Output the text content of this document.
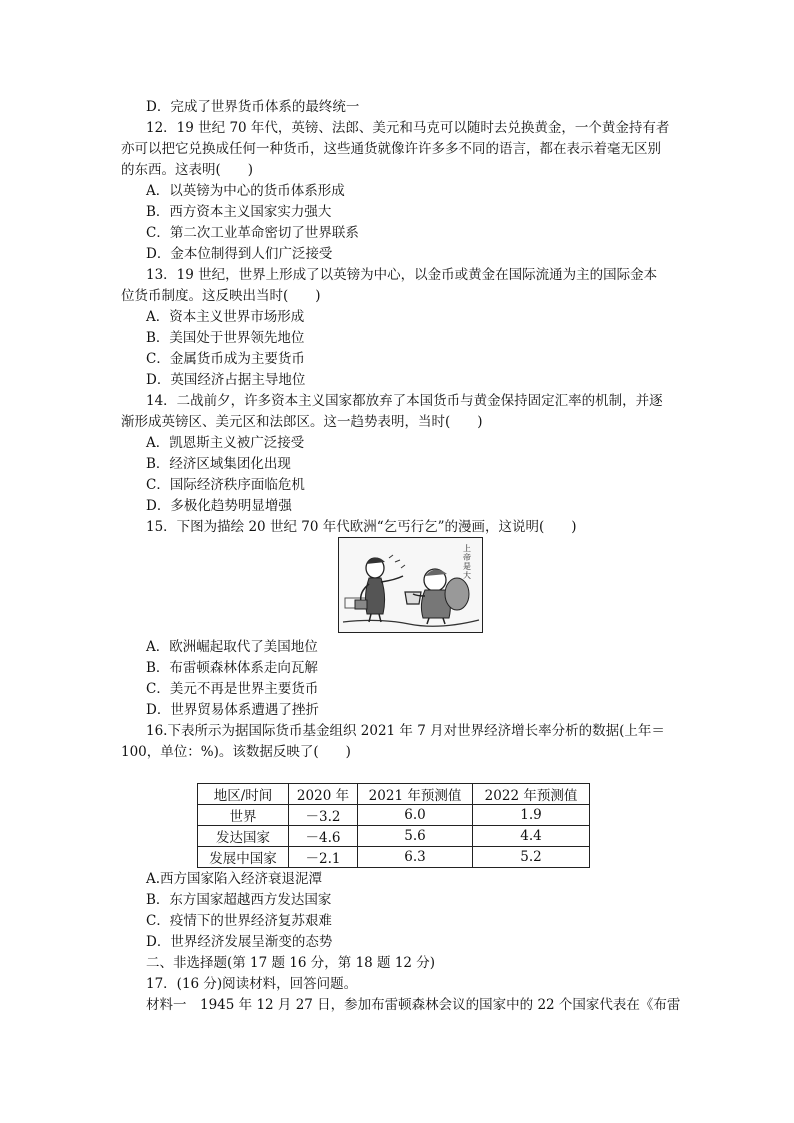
D．完成了世界货币体系的最终统一
12．19 世纪 70 年代，英镑、法郎、美元和马克可以随时去兑换黄金，一个黄金持有者
亦可以把它兑换成任何一种货币，这些通货就像许许多多不同的语言，都在表示着毫无区别
的东西。这表明(　　)
A．以英镑为中心的货币体系形成
B．西方资本主义国家实力强大
C．第二次工业革命密切了世界联系
D．金本位制得到人们广泛接受
13．19 世纪，世界上形成了以英镑为中心，以金币或黄金在国际流通为主的国际金本
位货币制度。这反映出当时(　　)
A．资本主义世界市场形成
B．美国处于世界领先地位
C．金属货币成为主要货币
D．英国经济占据主导地位
14．二战前夕，许多资本主义国家都放弃了本国货币与黄金保持固定汇率的机制，并逐
渐形成英镑区、美元区和法郎区。这一趋势表明，当时(　　)
A．凯恩斯主义被广泛接受
B．经济区域集团化出现
C．国际经济秩序面临危机
D．多极化趋势明显增强
15．下图为描绘 20 世纪 70 年代欧洲“乞丐行乞”的漫画，这说明(　　)
上帝是大
A．欧洲崛起取代了美国地位
B．布雷顿森林体系走向瓦解
C．美元不再是世界主要货币
D．世界贸易体系遭遇了挫折
16.下表所示为据国际货币基金组织 2021 年 7 月对世界经济增长率分析的数据(上年＝
100，单位：%)。该数据反映了(　　)
地区/时间	2020 年	2021 年预测值	2022 年预测值
世界	－3.2	6.0	1.9
发达国家	－4.6	5.6	4.4
发展中国家	－2.1	6.3	5.2
A.西方国家陷入经济衰退泥潭
B．东方国家超越西方发达国家
C．疫情下的世界经济复苏艰难
D．世界经济发展呈渐变的态势
二、非选择题(第 17 题 16 分，第 18 题 12 分)
17．(16 分)阅读材料，回答问题。
材料一　1945 年 12 月 27 日，参加布雷顿森林会议的国家中的 22 个国家代表在《布雷
